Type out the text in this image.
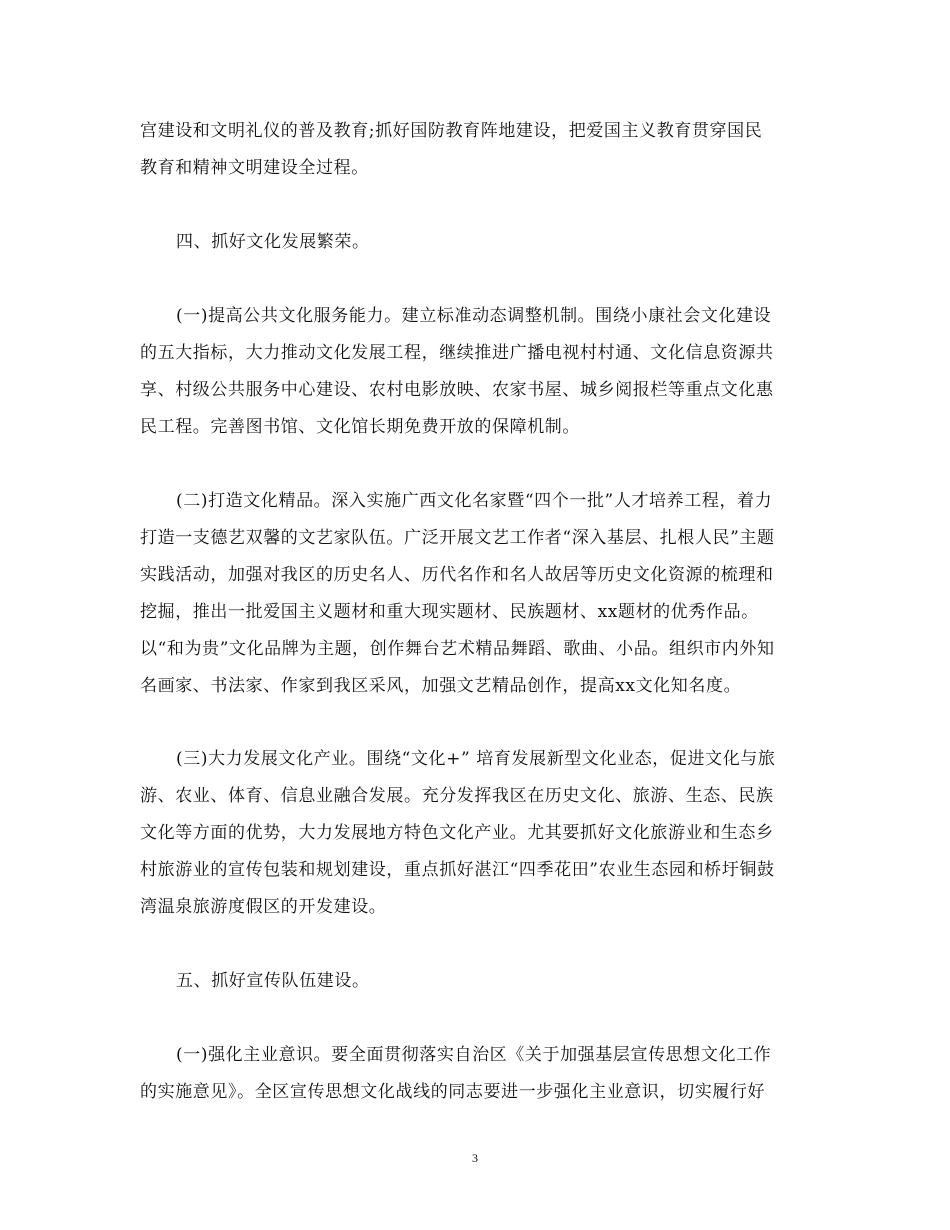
宫建设和文明礼仪的普及教育;抓好国防教育阵地建设，把爱国主义教育贯穿国民
教育和精神文明建设全过程。
四、抓好文化发展繁荣。
(一)提高公共文化服务能力。建立标准动态调整机制。围绕小康社会文化建设
的五大指标，大力推动文化发展工程，继续推进广播电视村村通、文化信息资源共
享、村级公共服务中心建设、农村电影放映、农家书屋、城乡阅报栏等重点文化惠
民工程。完善图书馆、文化馆长期免费开放的保障机制。
(二)打造文化精品。深入实施广西文化名家暨“四个一批”人才培养工程，着力
打造一支德艺双馨的文艺家队伍。广泛开展文艺工作者“深入基层、扎根人民”主题
实践活动，加强对我区的历史名人、历代名作和名人故居等历史文化资源的梳理和
挖掘，推出一批爱国主义题材和重大现实题材、民族题材、xx题材的优秀作品。
以“和为贵”文化品牌为主题，创作舞台艺术精品舞蹈、歌曲、小品。组织市内外知
名画家、书法家、作家到我区采风，加强文艺精品创作，提高xx文化知名度。
(三)大力发展文化产业。围绕“文化+” 培育发展新型文化业态，促进文化与旅
游、农业、体育、信息业融合发展。充分发挥我区在历史文化、旅游、生态、民族
文化等方面的优势，大力发展地方特色文化产业。尤其要抓好文化旅游业和生态乡
村旅游业的宣传包装和规划建设，重点抓好湛江“四季花田”农业生态园和桥圩铜鼓
湾温泉旅游度假区的开发建设。
五、抓好宣传队伍建设。
(一)强化主业意识。要全面贯彻落实自治区《关于加强基层宣传思想文化工作
的实施意见》。全区宣传思想文化战线的同志要进一步强化主业意识，切实履行好
3
